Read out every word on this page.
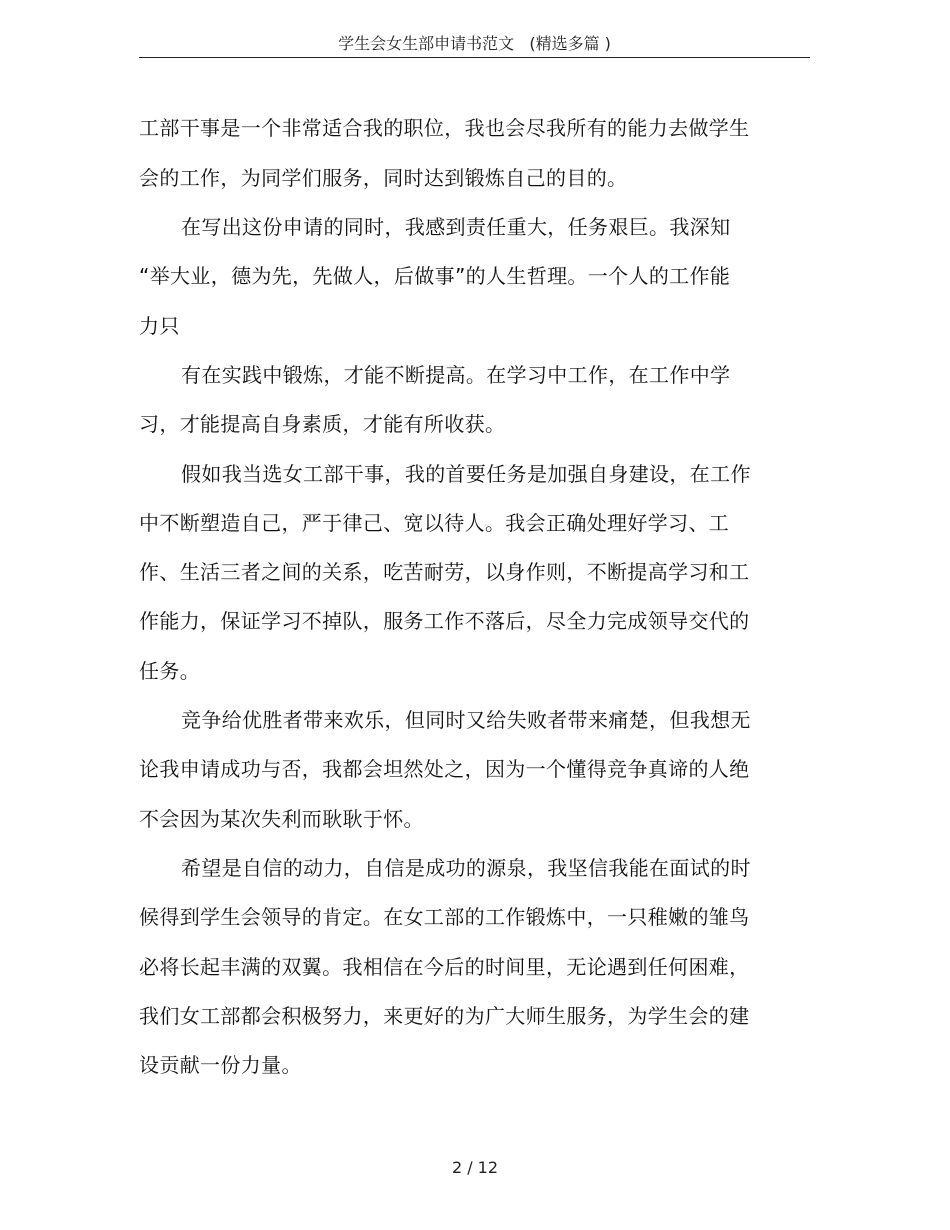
学生会女生部申请书范文   (精选多篇 )
工部干事是一个非常适合我的职位，我也会尽我所有的能力去做学生
会的工作，为同学们服务，同时达到锻炼自己的目的。
在写出这份申请的同时，我感到责任重大，任务艰巨。我深知
“举大业，德为先，先做人，后做事”的人生哲理。一个人的工作能
力只
有在实践中锻炼，才能不断提高。在学习中工作，在工作中学
习，才能提高自身素质，才能有所收获。
假如我当选女工部干事，我的首要任务是加强自身建设，在工作
中不断塑造自己，严于律己、宽以待人。我会正确处理好学习、工
作、生活三者之间的关系，吃苦耐劳，以身作则，不断提高学习和工
作能力，保证学习不掉队，服务工作不落后，尽全力完成领导交代的
任务。
竞争给优胜者带来欢乐，但同时又给失败者带来痛楚，但我想无
论我申请成功与否，我都会坦然处之，因为一个懂得竞争真谛的人绝
不会因为某次失利而耿耿于怀。
希望是自信的动力，自信是成功的源泉，我坚信我能在面试的时
候得到学生会领导的肯定。在女工部的工作锻炼中，一只稚嫩的雏鸟
必将长起丰满的双翼。我相信在今后的时间里，无论遇到任何困难，
我们女工部都会积极努力，来更好的为广大师生服务，为学生会的建
设贡献一份力量。
2 / 12
